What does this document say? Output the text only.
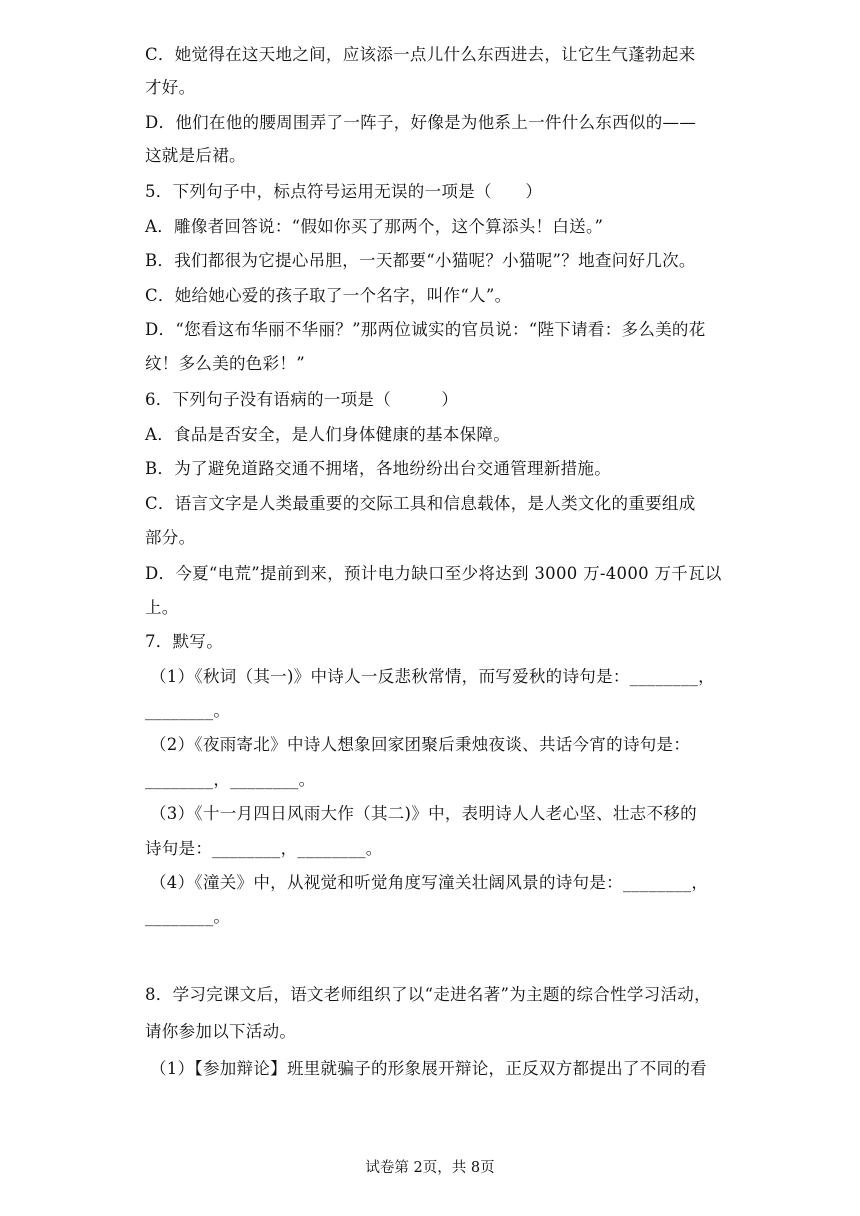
C．她觉得在这天地之间，应该添一点儿什么东西进去，让它生气蓬勃起来
才好。
D．他们在他的腰周围弄了一阵子，好像是为他系上一件什么东西似的——
这就是后裙。
5．下列句子中，标点符号运用无误的一项是（　　）
A．雕像者回答说：“假如你买了那两个，这个算添头！白送。”
B．我们都很为它提心吊胆，一天都要“小猫呢？小猫呢”？地查问好几次。
C．她给她心爱的孩子取了一个名字，叫作“人”。
D．“您看这布华丽不华丽？”那两位诚实的官员说：“陛下请看：多么美的花
纹！多么美的色彩！”
6．下列句子没有语病的一项是（　　　）
A．食品是否安全，是人们身体健康的基本保障。
B．为了避免道路交通不拥堵，各地纷纷出台交通管理新措施。
C．语言文字是人类最重要的交际工具和信息载体，是人类文化的重要组成
部分。
D．今夏“电荒”提前到来，预计电力缺口至少将达到 3000 万-4000 万千瓦以
上。
7．默写。
（1）《秋词（其一)》中诗人一反悲秋常情，而写爱秋的诗句是：________，
________。
（2）《夜雨寄北》中诗人想象回家团聚后秉烛夜谈、共话今宵的诗句是：
________，________。
（3）《十一月四日风雨大作（其二)》中，表明诗人人老心坚、壮志不移的
诗句是：________，________。
（4）《潼关》中，从视觉和听觉角度写潼关壮阔风景的诗句是：________，
________。
8．学习完课文后，语文老师组织了以“走进名著”为主题的综合性学习活动，
请你参加以下活动。
（1）【参加辩论】班里就骗子的形象展开辩论，正反双方都提出了不同的看
试卷第 2页，共 8页
